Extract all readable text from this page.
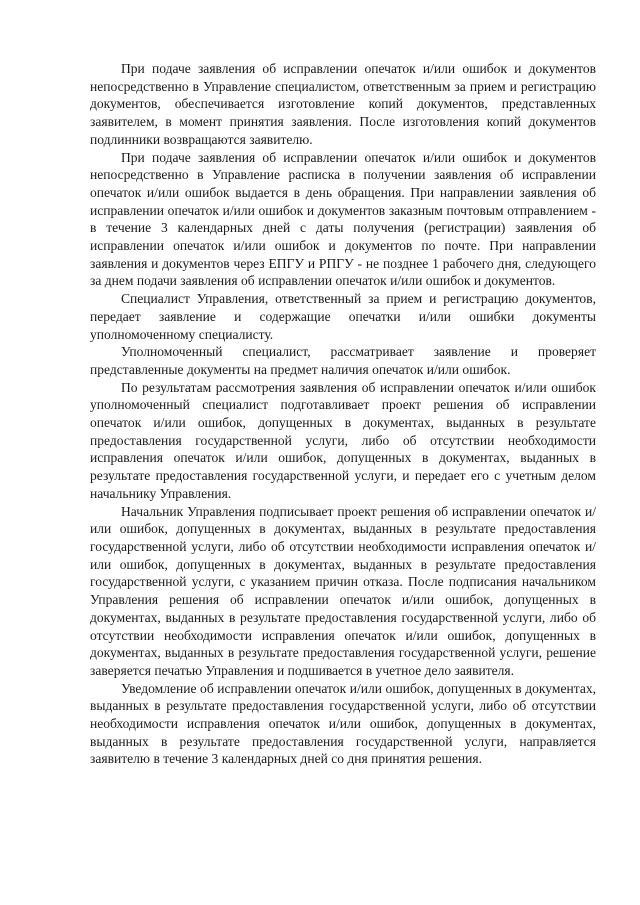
При подаче заявления об исправлении опечаток и/или ошибок и документов непосредственно в Управление специалистом, ответственным за прием и регистрацию документов, обеспечивается изготовление копий документов, представленных заявителем, в момент принятия заявления. После изготовления копий документов подлинники возвращаются заявителю.

При подаче заявления об исправлении опечаток и/или ошибок и документов непосредственно в Управление расписка в получении заявления об исправлении опечаток и/или ошибок выдается в день обращения. При направлении заявления об исправлении опечаток и/или ошибок и документов заказным почтовым отправлением - в течение 3 календарных дней с даты получения (регистрации) заявления об исправлении опечаток и/или ошибок и документов по почте. При направлении заявления и документов через ЕПГУ и РПГУ - не позднее 1 рабочего дня, следующего за днем подачи заявления об исправлении опечаток и/или ошибок и документов.

Специалист Управления, ответственный за прием и регистрацию документов, передает заявление и содержащие опечатки и/или ошибки документы уполномоченному специалисту.

Уполномоченный специалист, рассматривает заявление и проверяет представленные документы на предмет наличия опечаток и/или ошибок.

По результатам рассмотрения заявления об исправлении опечаток и/или ошибок уполномоченный специалист подготавливает проект решения об исправлении опечаток и/или ошибок, допущенных в документах, выданных в результате предоставления государственной услуги, либо об отсутствии необходимости исправления опечаток и/или ошибок, допущенных в документах, выданных в результате предоставления государственной услуги, и передает его с учетным делом начальнику Управления.

Начальник Управления подписывает проект решения об исправлении опечаток и/или ошибок, допущенных в документах, выданных в результате предоставления государственной услуги, либо об отсутствии необходимости исправления опечаток и/или ошибок, допущенных в документах, выданных в результате предоставления государственной услуги, с указанием причин отказа. После подписания начальником Управления решения об исправлении опечаток и/или ошибок, допущенных в документах, выданных в результате предоставления государственной услуги, либо об отсутствии необходимости исправления опечаток и/или ошибок, допущенных в документах, выданных в результате предоставления государственной услуги, решение заверяется печатью Управления и подшивается в учетное дело заявителя.

Уведомление об исправлении опечаток и/или ошибок, допущенных в документах, выданных в результате предоставления государственной услуги, либо об отсутствии необходимости исправления опечаток и/или ошибок, допущенных в документах, выданных в результате предоставления государственной услуги, направляется заявителю в течение 3 календарных дней со дня принятия решения.
